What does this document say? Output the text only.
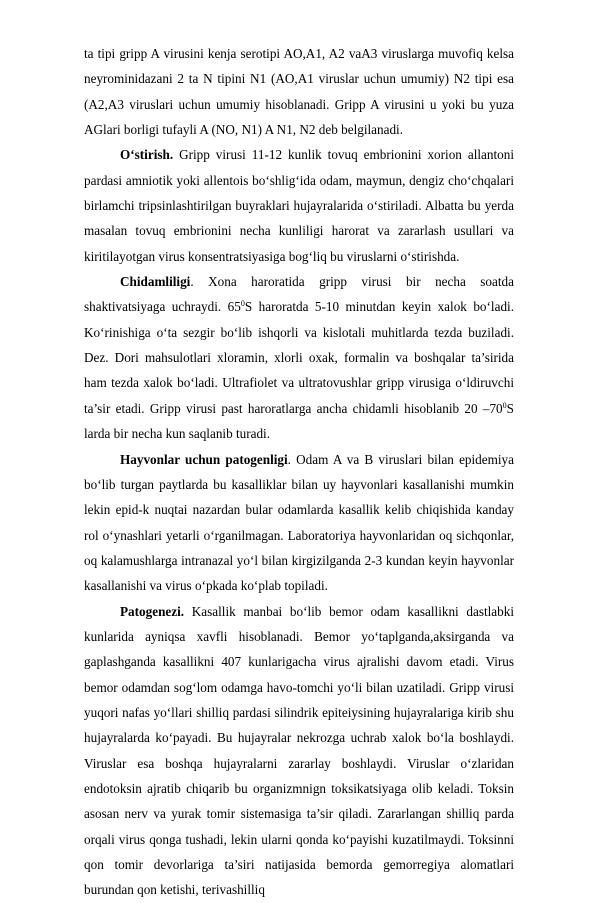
ta tipi gripp A virusini kenja serotipi AO,A1, A2 vaA3 viruslarga muvofiq kelsa neyrominidazani 2 ta N tipini N1 (AO,A1 viruslar uchun umumiy) N2 tipi esa (A2,A3 viruslari uchun umumiy hisoblanadi. Gripp A virusini u yoki bu yuza AGlari borligi tufayli A (NO, N1) A N1, N2 deb belgilanadi.

O‘stirish. Gripp virusi 11-12 kunlik tovuq embrionini xorion allantoni pardasi amniotik yoki allentois bo‘shlig‘ida odam, maymun, dengiz cho‘chqalari birlamchi tripsinlashtirilgan buyraklari hujayralarida o‘stiriladi. Albatta bu yerda masalan tovuq embrionini necha kunliligi harorat va zararlash usullari va kiritilayotgan virus konsentratsiyasiga bog‘liq bu viruslarni o‘stirishda.

Chidamliligi. Xona haroratida gripp virusi bir necha soatda shaktivatsiyaga uchraydi. $65^0S$ haroratda 5-10 minutdan keyin xalok bo‘ladi. Ko‘rinishiga o‘ta sezgir bo‘lib ishqorli va kislotali muhitlarda tezda buziladi. Dez. Dori mahsulotlari xloramin, xlorli oxak, formalin va boshqalar ta’sirida ham tezda xalok bo‘ladi. Ultrafiolet va ultratovushlar gripp virusiga o‘ldiruvchi ta’sir etadi. Gripp virusi past haroratlarga ancha chidamli hisoblanib 20 $-70^0S$ larda bir necha kun saqlanib turadi.

Hayvonlar uchun patogenligi. Odam A va B viruslari bilan epidemiya bo‘lib turgan paytlarda bu kasalliklar bilan uy hayvonlari kasallanishi mumkin lekin epid-k nuqtai nazardan bular odamlarda kasallik kelib chiqishida kanday rol o‘ynashlari yetarli o‘rganilmagan. Laboratoriya hayvonlaridan oq sichqonlar, oq kalamushlarga intranazal yo‘l bilan kirgizilganda 2-3 kundan keyin hayvonlar kasallanishi va virus o‘pkada ko‘plab topiladi.

Patogenezi. Kasallik manbai bo‘lib bemor odam kasallikni dastlabki kunlarida ayniqsa xavfli hisoblanadi. Bemor yo‘taplganda,aksirganda va gaplashganda kasallikni 407 kunlarigacha virus ajralishi davom etadi. Virus bemor odamdan sog‘lom odamga havo-tomchi yo‘li bilan uzatiladi. Gripp virusi yuqori nafas yo‘llari shilliq pardasi silindrik epiteiysining hujayralariga kirib shu hujayralarda ko‘payadi. Bu hujayralar nekrozga uchrab xalok bo‘la boshlaydi. Viruslar esa boshqa hujayralarni zararlay boshlaydi. Viruslar o‘zlaridan endotoksin ajratib chiqarib bu organizmnign toksikatsiyaga olib keladi. Toksin asosan nerv va yurak tomir sistemasiga ta’sir qiladi. Zararlangan shilliq parda orqali virus qonga tushadi, lekin ularni qonda ko‘payishi kuzatilmaydi. Toksinni qon tomir devorlariga ta’siri natijasida bemorda gemorregiya alomatlari burundan qon ketishi, terivashilliq
